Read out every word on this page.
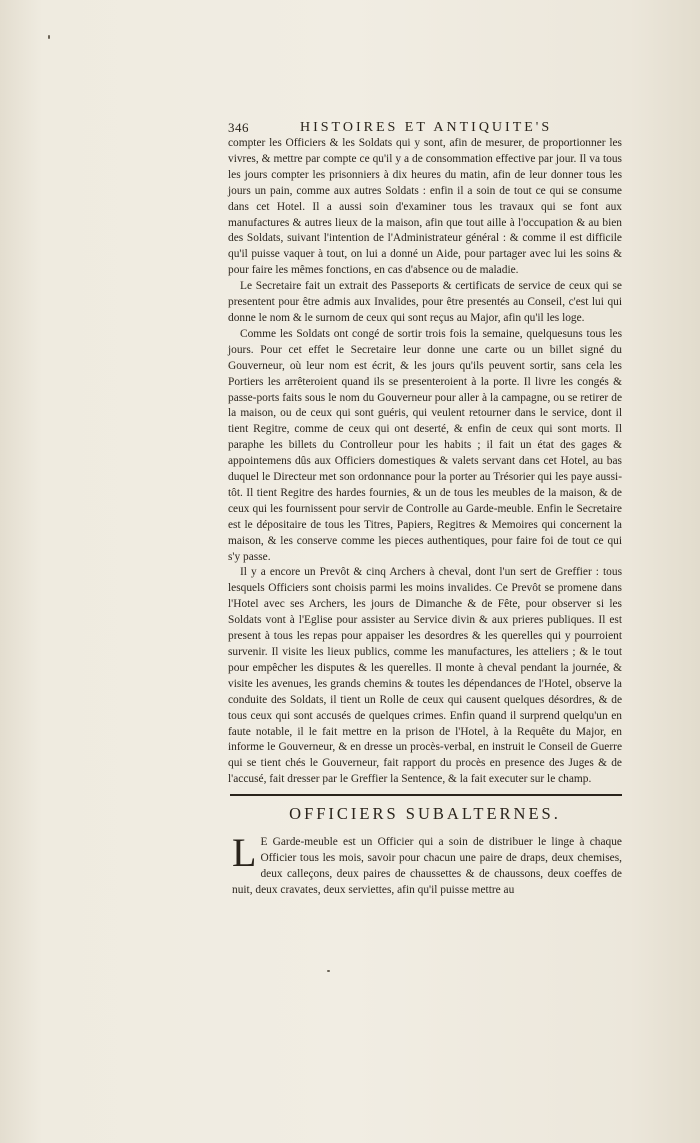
346	HISTOIRES ET ANTIQUITE'S

compter les Officiers & les Soldats qui y sont, afin de mesurer, de proportionner les vivres, & mettre par compte ce qu'il y a de consommation effective par jour. Il va tous les jours compter les prisonniers à dix heures du matin, afin de leur donner tous les jours un pain, comme aux autres Soldats : enfin il a soin de tout ce qui se consume dans cet Hotel. Il a aussi soin d'examiner tous les travaux qui se font aux manufactures & autres lieux de la maison, afin que tout aille à l'occupation & au bien des Soldats, suivant l'intention de l'Administrateur général : & comme il est difficile qu'il puisse vaquer à tout, on lui a donné un Aide, pour partager avec lui les soins & pour faire les mêmes fonctions, en cas d'absence ou de maladie.

Le Secretaire fait un extrait des Passeports & certificats de service de ceux qui se presentent pour être admis aux Invalides, pour être presentés au Conseil, c'est lui qui donne le nom & le surnom de ceux qui sont reçus au Major, afin qu'il les loge.

Comme les Soldats ont congé de sortir trois fois la semaine, quelquesuns tous les jours. Pour cet effet le Secretaire leur donne une carte ou un billet signé du Gouverneur, où leur nom est écrit, & les jours qu'ils peuvent sortir, sans cela les Portiers les arrêteroient quand ils se presenteroient à la porte. Il livre les congés & passe-ports faits sous le nom du Gouverneur pour aller à la campagne, ou se retirer de la maison, ou de ceux qui sont guéris, qui veulent retourner dans le service, dont il tient Regitre, comme de ceux qui ont deserté, & enfin de ceux qui sont morts. Il paraphe les billets du Controlleur pour les habits ; il fait un état des gages & appointemens dûs aux Officiers domestiques & valets servant dans cet Hotel, au bas duquel le Directeur met son ordonnance pour la porter au Trésorier qui les paye aussi-tôt. Il tient Regitre des hardes fournies, & un de tous les meubles de la maison, & de ceux qui les fournissent pour servir de Controlle au Garde-meuble. Enfin le Secretaire est le dépositaire de tous les Titres, Papiers, Regitres & Memoires qui concernent la maison, & les conserve comme les pieces authentiques, pour faire foi de tout ce qui s'y passe.

Il y a encore un Prevôt & cinq Archers à cheval, dont l'un sert de Greffier : tous lesquels Officiers sont choisis parmi les moins invalides. Ce Prevôt se promene dans l'Hotel avec ses Archers, les jours de Dimanche & de Fête, pour observer si les Soldats vont à l'Eglise pour assister au Service divin & aux prieres publiques. Il est present à tous les repas pour appaiser les desordres & les querelles qui y pourroient survenir. Il visite les lieux publics, comme les manufactures, les atteliers ; & le tout pour empêcher les disputes & les querelles. Il monte à cheval pendant la journée, & visite les avenues, les grands chemins & toutes les dépendances de l'Hotel, observe la conduite des Soldats, il tient un Rolle de ceux qui causent quelques désordres, & de tous ceux qui sont accusés de quelques crimes. Enfin quand il surprend quelqu'un en faute notable, il le fait mettre en la prison de l'Hotel, à la Requête du Major, en informe le Gouverneur, & en dresse un procès-verbal, en instruit le Conseil de Guerre qui se tient chés le Gouverneur, fait rapport du procès en presence des Juges & de l'accusé, fait dresser par le Greffier la Sentence, & la fait executer sur le champ.

OFFICIERS SUBALTERNES.
L E Garde-meuble est un Officier qui a soin de distribuer le linge à chaque Officier tous les mois, savoir pour chacun une paire de draps, deux chemises, deux calleçons, deux paires de chaussettes & de chaussons, deux coeffes de nuit, deux cravates, deux serviettes, afin qu'il puisse mettre au
